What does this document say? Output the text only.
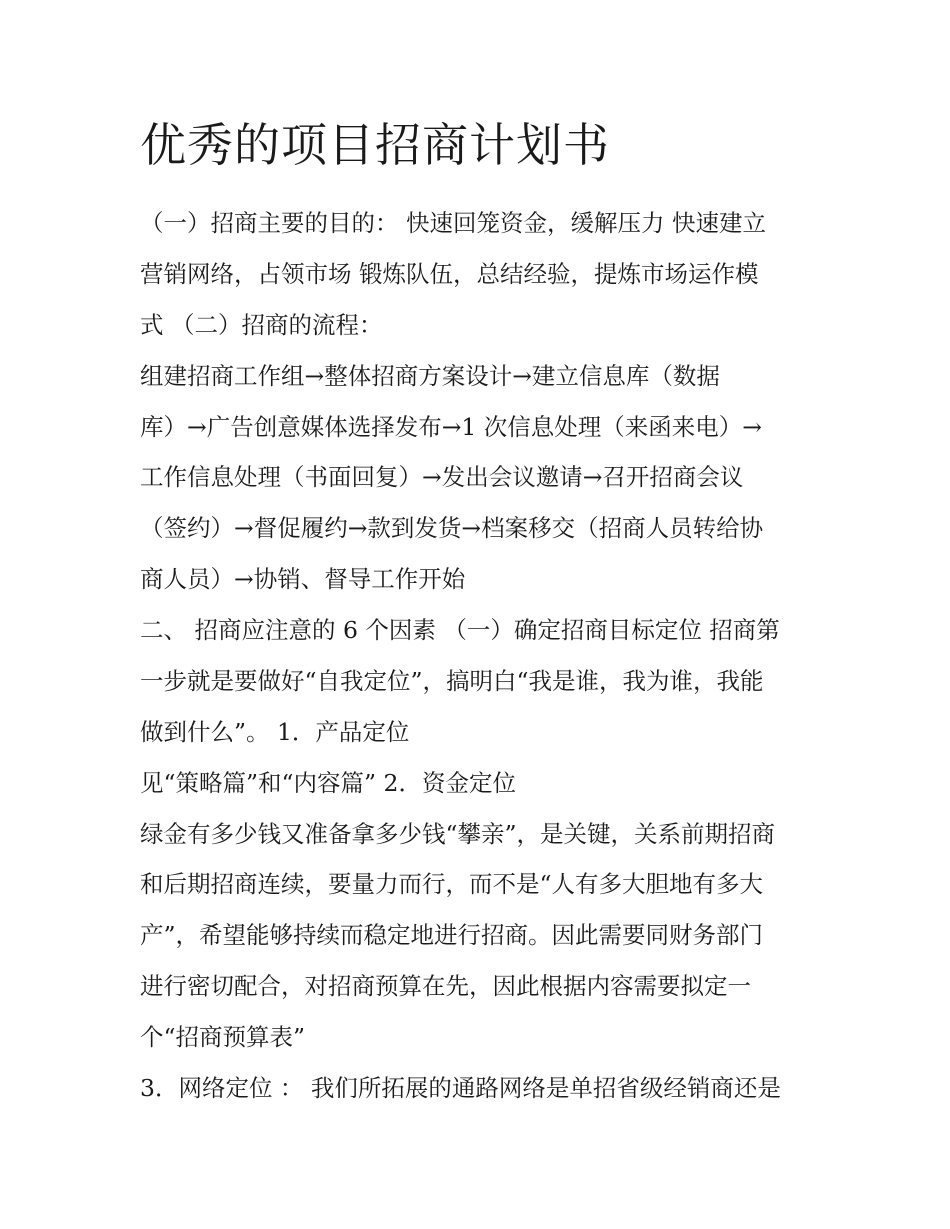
优秀的项目招商计划书

（一）招商主要的目的： 快速回笼资金，缓解压力 快速建立

营销网络，占领市场 锻炼队伍，总结经验，提炼市场运作模

式 （二）招商的流程：

组建招商工作组→整体招商方案设计→建立信息库（数据

库）→广告创意媒体选择发布→1 次信息处理（来函来电）→

工作信息处理（书面回复）→发出会议邀请→召开招商会议

（签约）→督促履约→款到发货→档案移交（招商人员转给协

商人员）→协销、督导工作开始

二、 招商应注意的 6 个因素 （一）确定招商目标定位 招商第

一步就是要做好“自我定位”，搞明白“我是谁，我为谁，我能

做到什么”。 1．产品定位

见“策略篇”和“内容篇” 2．资金定位

绿金有多少钱又准备拿多少钱“攀亲”，是关键，关系前期招商

和后期招商连续，要量力而行，而不是“人有多大胆地有多大

产”，希望能够持续而稳定地进行招商。因此需要同财务部门

进行密切配合，对招商预算在先，因此根据内容需要拟定一

个“招商预算表”

3．网络定位 ： 我们所拓展的通路网络是单招省级经销商还是
